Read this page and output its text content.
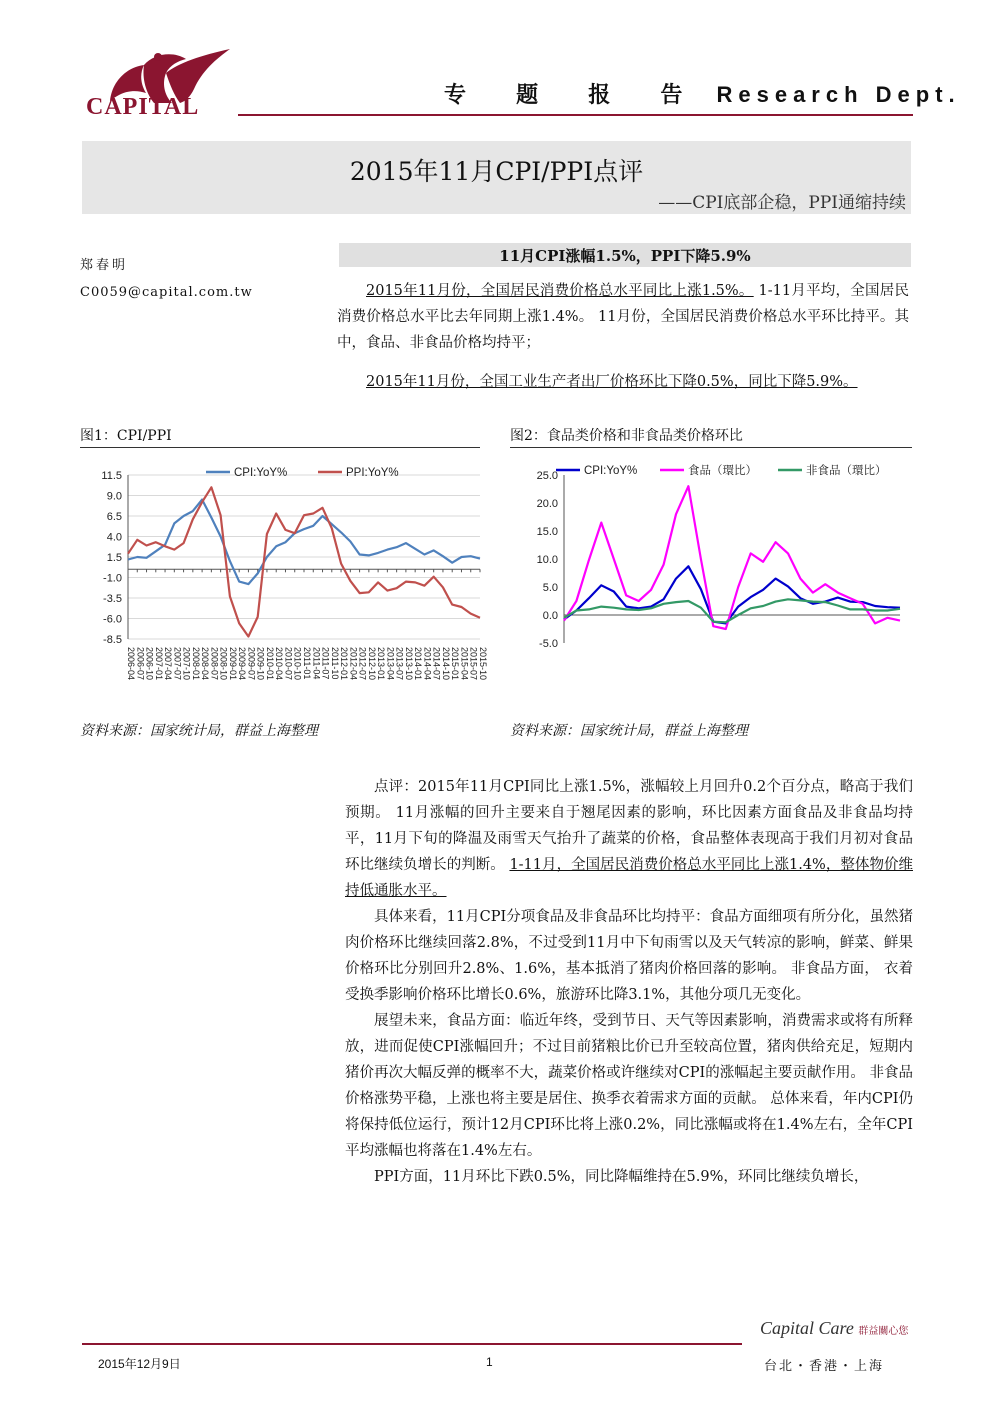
CAPITAL	专 题 报 告 Research Dept.
2015年11月CPI/PPI点评
——CPI底部企稳，PPI通缩持续
郑春明
C0059@capital.com.tw
11月CPI涨幅1.5%，PPI下降5.9%
2015年11月份，全国居民消费价格总水平同比上涨1.5%。 1-11月平均，全国居民消费价格总水平比去年同期上涨1.4%。 11月份，全国居民消费价格总水平环比持平。其中，食品、非食品价格均持平；
2015年11月份，全国工业生产者出厂价格环比下降0.5%，同比下降5.9%。
图1：CPI/PPI	图2：食品类价格和非食品类价格环比
11.5
9.0
6.5
4.0
1.5
-1.0
-3.5
-6.0
-8.5
2006-04 2006-07 2006-10 2007-01 2007-04 2007-07 2007-10 2008-01 2008-04 2008-07 2008-10 2009-01 2009-04 2009-07 2009-10 2010-01 2010-04 2010-07 2010-10 2011-01 2011-04 2011-07 2011-10 2012-01 2012-04 2012-07 2012-10 2013-01 2013-04 2013-07 2013-10 2014-01 2014-04 2014-07 2014-10 2015-01 2015-04 2015-07 2015-10
CPI:YoY%	PPI:YoY%	25.0
20.0
15.0
10.0
5.0
0.0
-5.0
CPI:YoY%	食品（環比）	非食品（環比）
资料来源：国家统计局，群益上海整理	资料来源：国家统计局，群益上海整理

点评：2015年11月CPI同比上涨1.5%，涨幅较上月回升0.2个百分点，略高于我们预期。 11月涨幅的回升主要来自于翘尾因素的影响，环比因素方面食品及非食品均持平，11月下旬的降温及雨雪天气抬升了蔬菜的价格，食品整体表现高于我们月初对食品环比继续负增长的判断。 1-11月，全国居民消费价格总水平同比上涨1.4%，整体物价维持低通胀水平。

具体来看，11月CPI分项食品及非食品环比均持平：食品方面细项有所分化，虽然猪肉价格环比继续回落2.8%，不过受到11月中下旬雨雪以及天气转凉的影响，鲜菜、鲜果价格环比分别回升2.8%、1.6%，基本抵消了猪肉价格回落的影响。 非食品方面， 衣着受换季影响价格环比增长0.6%，旅游环比降3.1%，其他分项几无变化。

展望未来，食品方面：临近年终，受到节日、天气等因素影响，消费需求或将有所释放，进而促使CPI涨幅回升；不过目前猪粮比价已升至较高位置，猪肉供给充足，短期内猪价再次大幅反弹的概率不大，蔬菜价格或许继续对CPI的涨幅起主要贡献作用。 非食品价格涨势平稳，上涨也将主要是居住、换季衣着需求方面的贡献。 总体来看，年内CPI仍将保持低位运行，预计12月CPI环比将上涨0.2%，同比涨幅或将在1.4%左右，全年CPI平均涨幅也将落在1.4%左右。

PPI方面，11月环比下跌0.5%，同比降幅维持在5.9%，环同比继续负增长，

2015年12月9日	1
Capital Care 群益關心您
台北・香港・上海
